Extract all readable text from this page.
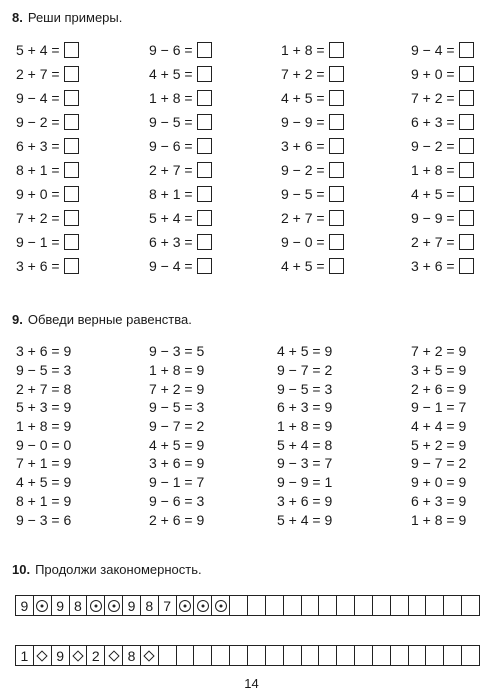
8. Реши примеры.
5 + 4 =	9 − 6 =	1 + 8 =	9 − 4 =
2 + 7 =	4 + 5 =	7 + 2 =	9 + 0 =
9 − 4 =	1 + 8 =	4 + 5 =	7 + 2 =
9 − 2 =	9 − 5 =	9 − 9 =	6 + 3 =
6 + 3 =	9 − 6 =	3 + 6 =	9 − 2 =
8 + 1 =	2 + 7 =	9 − 2 =	1 + 8 =
9 + 0 =	8 + 1 =	9 − 5 =	4 + 5 =
7 + 2 =	5 + 4 =	2 + 7 =	9 − 9 =
9 − 1 =	6 + 3 =	9 − 0 =	2 + 7 =
3 + 6 =	9 − 4 =	4 + 5 =	3 + 6 =
9. Обведи верные равенства.
3 + 6 = 9	9 − 3 = 5	4 + 5 = 9	7 + 2 = 9
9 − 5 = 3	1 + 8 = 9	9 − 7 = 2	3 + 5 = 9
2 + 7 = 8	7 + 2 = 9	9 − 5 = 3	2 + 6 = 9
5 + 3 = 9	9 − 5 = 3	6 + 3 = 9	9 − 1 = 7
1 + 8 = 9	9 − 7 = 2	1 + 8 = 9	4 + 4 = 9
9 − 0 = 0	4 + 5 = 9	5 + 4 = 8	5 + 2 = 9
7 + 1 = 9	3 + 6 = 9	9 − 3 = 7	9 − 7 = 2
4 + 5 = 9	9 − 1 = 7	9 − 9 = 1	9 + 0 = 9
8 + 1 = 9	9 − 6 = 3	3 + 6 = 9	6 + 3 = 9
9 − 3 = 6	2 + 6 = 9	5 + 4 = 9	1 + 8 = 9
10. Продолжи закономерность.
9 9 8	9 8 7
1 9 2 8
14
